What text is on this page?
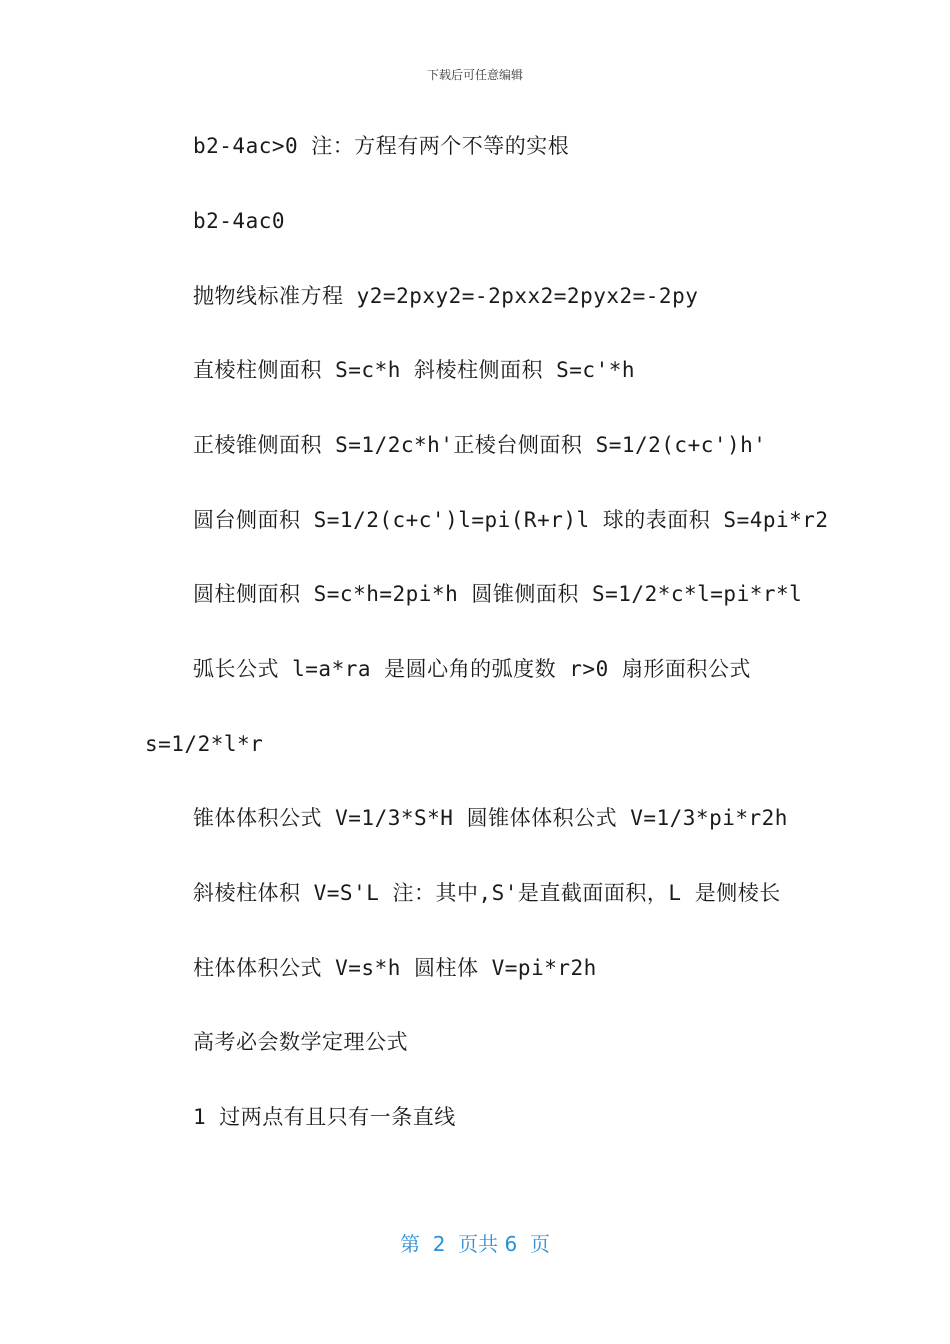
下载后可任意编辑
b2-4ac>0 注：方程有两个不等的实根
b2-4ac0
抛物线标准方程 y2=2pxy2=-2pxx2=2pyx2=-2py
直棱柱侧面积 S=c*h 斜棱柱侧面积 S=c'*h
正棱锥侧面积 S=1/2c*h'正棱台侧面积 S=1/2(c+c')h'
圆台侧面积 S=1/2(c+c')l=pi(R+r)l 球的表面积 S=4pi*r2
圆柱侧面积 S=c*h=2pi*h 圆锥侧面积 S=1/2*c*l=pi*r*l
弧长公式 l=a*ra 是圆心角的弧度数 r>0 扇形面积公式
s=1/2*l*r
锥体体积公式 V=1/3*S*H 圆锥体体积公式 V=1/3*pi*r2h
斜棱柱体积 V=S'L 注：其中,S'是直截面面积，L 是侧棱长
柱体体积公式 V=s*h 圆柱体 V=pi*r2h
高考必会数学定理公式
1 过两点有且只有一条直线
第  2  页共 6  页
